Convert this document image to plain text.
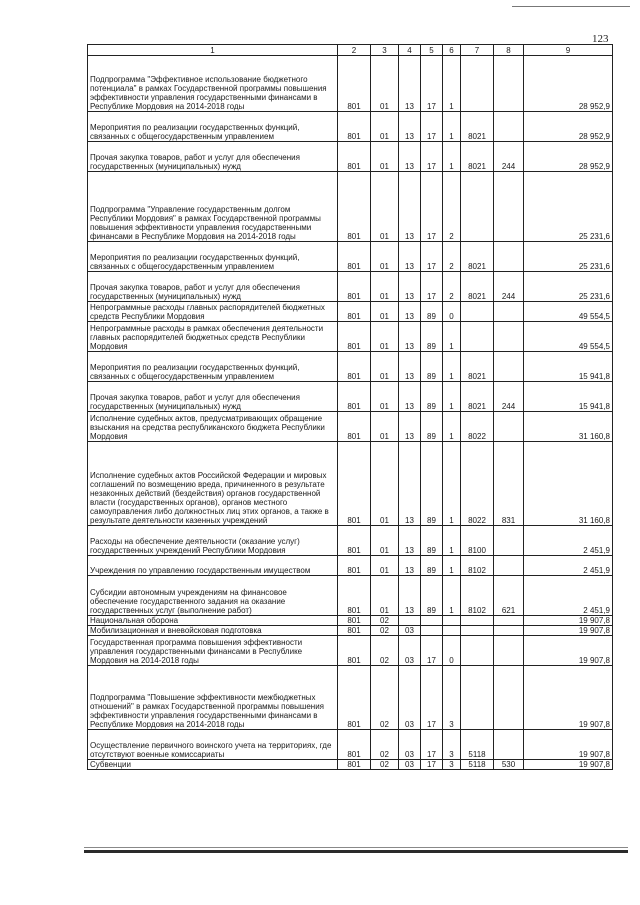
123
1	2	3	4	5	6	7	8	9
Подпрограмма "Эффективное использование бюджетного потенциала" в рамках Государственной программы повышения эффективности управления государственными финансами в Республике Мордовия на 2014-2018 годы	801	01	13	17	1			28 952,9
Мероприятия по реализации государственных функций, связанных с общегосударственным управлением	801	01	13	17	1	8021		28 952,9
Прочая закупка товаров, работ и услуг для обеспечения государственных (муниципальных) нужд	801	01	13	17	1	8021	244	28 952,9
Подпрограмма "Управление государственным долгом Республики Мордовия" в рамках Государственной программы повышения эффективности управления государственными финансами в Республике Мордовия на 2014-2018 годы	801	01	13	17	2			25 231,6
Мероприятия по реализации государственных функций, связанных с общегосударственным управлением	801	01	13	17	2	8021		25 231,6
Прочая закупка товаров, работ и услуг для обеспечения государственных (муниципальных) нужд	801	01	13	17	2	8021	244	25 231,6
Непрограммные расходы главных распорядителей бюджетных средств Республики Мордовия	801	01	13	89	0			49 554,5
Непрограммные расходы в рамках обеспечения деятельности главных распорядителей бюджетных средств Республики Мордовия	801	01	13	89	1			49 554,5
Мероприятия по реализации государственных функций, связанных с общегосударственным управлением	801	01	13	89	1	8021		15 941,8
Прочая закупка товаров, работ и услуг для обеспечения государственных (муниципальных) нужд	801	01	13	89	1	8021	244	15 941,8
Исполнение судебных актов, предусматривающих обращение взыскания на средства республиканского бюджета Республики Мордовия	801	01	13	89	1	8022		31 160,8
Исполнение судебных актов Российской Федерации и мировых соглашений по возмещению вреда, причиненного в результате незаконных действий (бездействия) органов государственной власти (государственных органов), органов местного самоуправления либо должностных лиц этих органов, а также в результате деятельности казенных учреждений	801	01	13	89	1	8022	831	31 160,8
Расходы на обеспечение деятельности (оказание услуг) государственных учреждений Республики Мордовия	801	01	13	89	1	8100		2 451,9
Учреждения по управлению государственным имуществом	801	01	13	89	1	8102		2 451,9
Субсидии автономным учреждениям на финансовое обеспечение государственного задания на оказание государственных услуг (выполнение работ)	801	01	13	89	1	8102	621	2 451,9
Национальная оборона	801	02						19 907,8
Мобилизационная и вневойсковая подготовка	801	02	03					19 907,8
Государственная программа повышения эффективности управления государственными финансами в Республике Мордовия на 2014-2018 годы	801	02	03	17	0			19 907,8
Подпрограмма "Повышение эффективности межбюджетных отношений" в рамках Государственной программы повышения эффективности управления государственными финансами в Республике Мордовия на 2014-2018 годы	801	02	03	17	3			19 907,8
Осуществление первичного воинского учета на территориях, где отсутствуют военные комиссариаты	801	02	03	17	3	5118		19 907,8
Субвенции	801	02	03	17	3	5118	530	19 907,8
